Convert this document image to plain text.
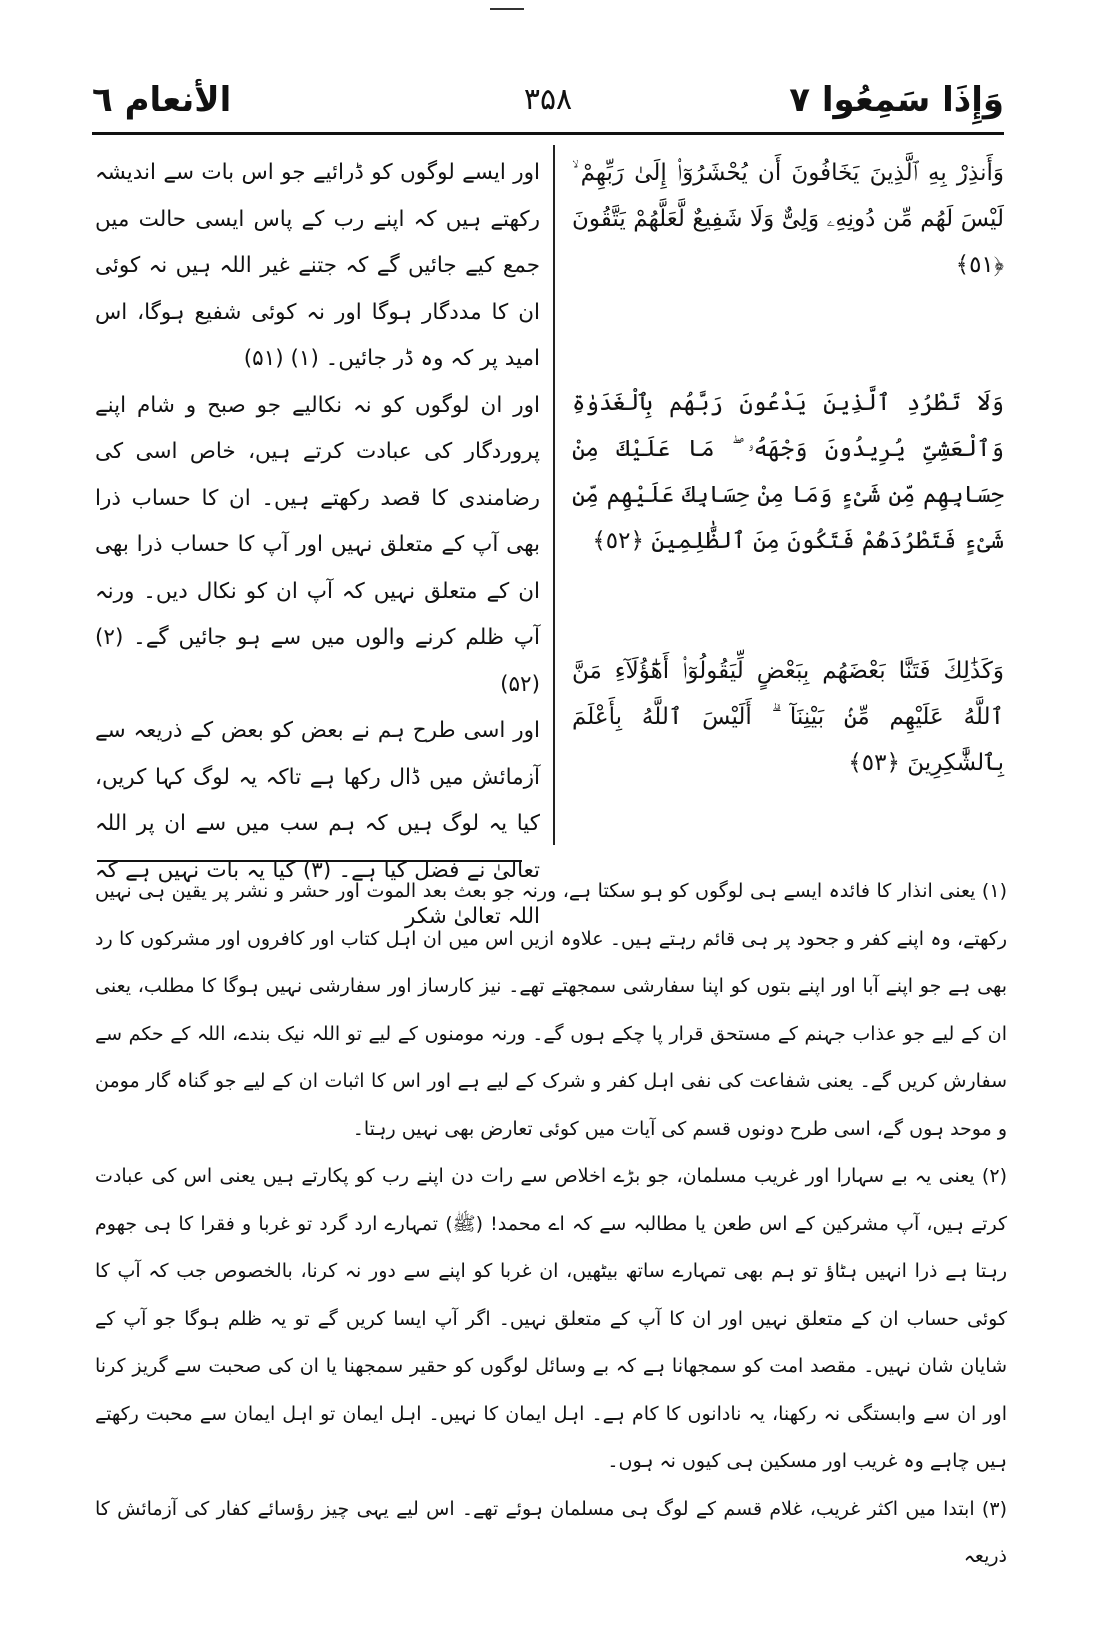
الأنعام ٦	۳۵۸	وَإِذَا سَمِعُوا ۷
وَأَنذِرْ بِهِ ٱلَّذِينَ يَخَافُونَ أَن يُحْشَرُوٓا۟ إِلَىٰ رَبِّهِمْ ۙ لَيْسَ لَهُم مِّن دُونِهِۦ وَلِىٌّ وَلَا شَفِيعٌ لَّعَلَّهُمْ يَتَّقُونَ ﴿٥١﴾
وَلَا تَطْرُدِ ٱلَّذِينَ يَدْعُونَ رَبَّهُم بِٱلْغَدَوٰةِ وَٱلْعَشِىِّ يُرِيدُونَ وَجْهَهُۥ ۖ مَا عَلَيْكَ مِنْ حِسَابِهِم مِّن شَىْءٍ وَمَا مِنْ حِسَابِكَ عَلَيْهِم مِّن شَىْءٍ فَتَطْرُدَهُمْ فَتَكُونَ مِنَ ٱلظَّٰلِمِينَ ﴿٥٢﴾
وَكَذَٰلِكَ فَتَنَّا بَعْضَهُم بِبَعْضٍ لِّيَقُولُوٓا۟ أَهَٰٓؤُلَآءِ مَنَّ ٱللَّهُ عَلَيْهِم مِّنۢ بَيْنِنَآ ۗ أَلَيْسَ ٱللَّهُ بِأَعْلَمَ بِٱلشَّٰكِرِينَ ﴿٥٣﴾

اور ایسے لوگوں کو ڈرائیے جو اس بات سے اندیشہ رکھتے ہیں کہ اپنے رب کے پاس ایسی حالت میں جمع کیے جائیں گے کہ جتنے غیر اللہ ہیں نہ کوئی ان کا مددگار ہوگا اور نہ کوئی شفیع ہوگا، اس امید پر کہ وہ ڈر جائیں۔ (۱) (۵۱)

اور ان لوگوں کو نہ نکالیے جو صبح و شام اپنے پروردگار کی عبادت کرتے ہیں، خاص اسی کی رضامندی کا قصد رکھتے ہیں۔ ان کا حساب ذرا بھی آپ کے متعلق نہیں اور آپ کا حساب ذرا بھی ان کے متعلق نہیں کہ آپ ان کو نکال دیں۔ ورنہ آپ ظلم کرنے والوں میں سے ہو جائیں گے۔ (۲) (۵۲)

اور اسی طرح ہم نے بعض کو بعض کے ذریعہ سے آزمائش میں ڈال رکھا ہے تاکہ یہ لوگ کہا کریں، کیا یہ لوگ ہیں کہ ہم سب میں سے ان پر اللہ تعالیٰ نے فضل کیا ہے۔ (۳) کیا یہ بات نہیں ہے کہ اللہ تعالیٰ شکر

(۱) یعنی انذار کا فائدہ ایسے ہی لوگوں کو ہو سکتا ہے، ورنہ جو بعث بعد الموت اور حشر و نشر پر یقین ہی نہیں رکھتے، وہ اپنے کفر و جحود پر ہی قائم رہتے ہیں۔ علاوہ ازیں اس میں ان اہل کتاب اور کافروں اور مشرکوں کا رد بھی ہے جو اپنے آبا اور اپنے بتوں کو اپنا سفارشی سمجھتے تھے۔ نیز کارساز اور سفارشی نہیں ہوگا کا مطلب، یعنی ان کے لیے جو عذاب جہنم کے مستحق قرار پا چکے ہوں گے۔ ورنہ مومنوں کے لیے تو اللہ نیک بندے، اللہ کے حکم سے سفارش کریں گے۔ یعنی شفاعت کی نفی اہل کفر و شرک کے لیے ہے اور اس کا اثبات ان کے لیے جو گناہ گار مومن و موحد ہوں گے، اسی طرح دونوں قسم کی آیات میں کوئی تعارض بھی نہیں رہتا۔

(۲) یعنی یہ بے سہارا اور غریب مسلمان، جو بڑے اخلاص سے رات دن اپنے رب کو پکارتے ہیں یعنی اس کی عبادت کرتے ہیں، آپ مشرکین کے اس طعن یا مطالبہ سے کہ اے محمد! (ﷺ) تمہارے ارد گرد تو غربا و فقرا کا ہی جھوم رہتا ہے ذرا انہیں ہٹاؤ تو ہم بھی تمہارے ساتھ بیٹھیں، ان غربا کو اپنے سے دور نہ کرنا، بالخصوص جب کہ آپ کا کوئی حساب ان کے متعلق نہیں اور ان کا آپ کے متعلق نہیں۔ اگر آپ ایسا کریں گے تو یہ ظلم ہوگا جو آپ کے شایان شان نہیں۔ مقصد امت کو سمجھانا ہے کہ بے وسائل لوگوں کو حقیر سمجھنا یا ان کی صحبت سے گریز کرنا اور ان سے وابستگی نہ رکھنا، یہ نادانوں کا کام ہے۔ اہل ایمان کا نہیں۔ اہل ایمان تو اہل ایمان سے محبت رکھتے ہیں چاہے وہ غریب اور مسکین ہی کیوں نہ ہوں۔

(۳) ابتدا میں اکثر غریب، غلام قسم کے لوگ ہی مسلمان ہوئے تھے۔ اس لیے یہی چیز رؤسائے کفار کی آزمائش کا ذریعہ
